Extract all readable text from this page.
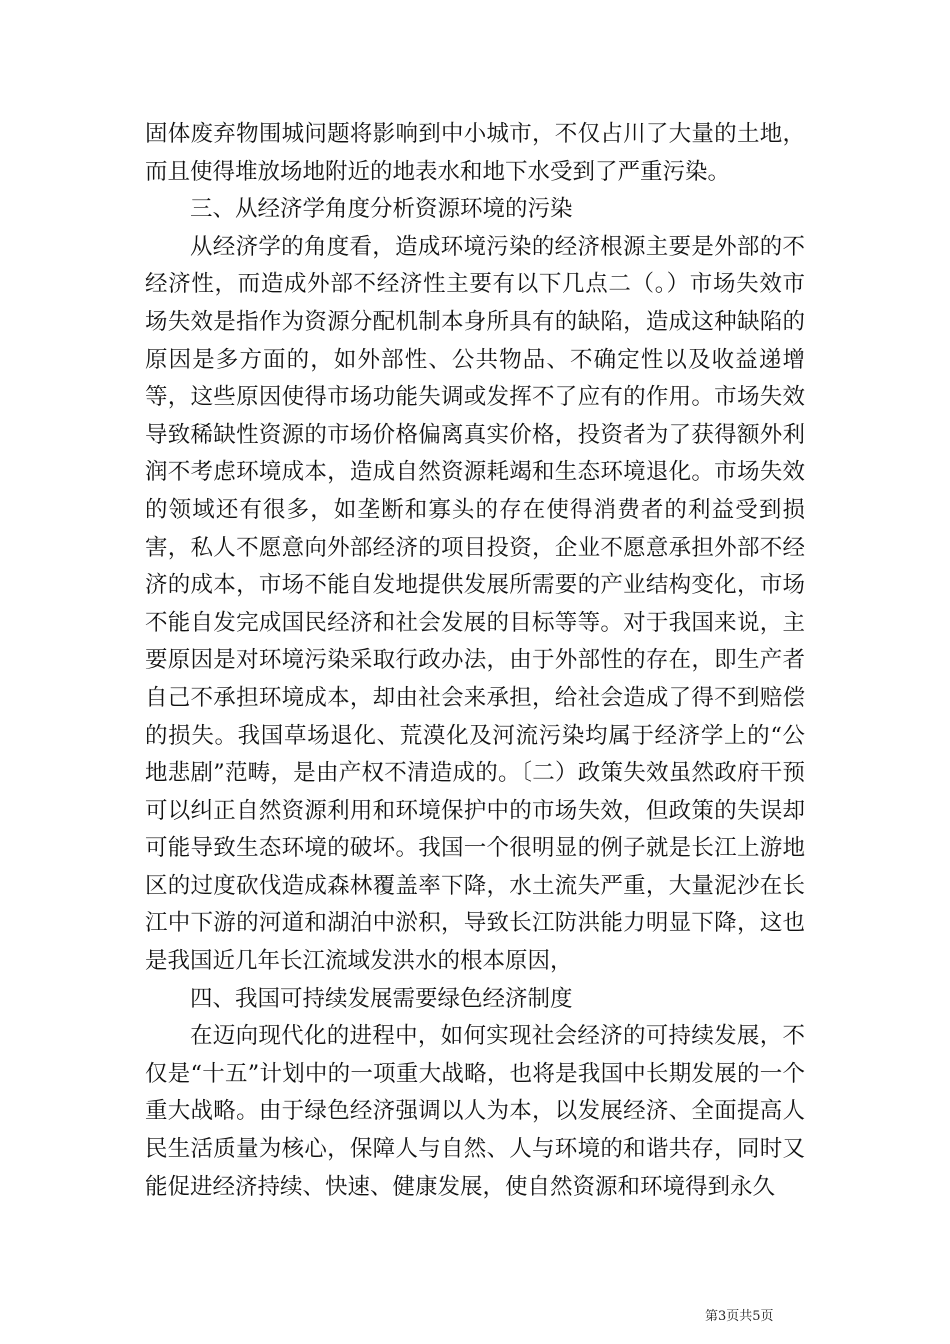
固体废弃物围城问题将影响到中小城市，不仅占川了大量的土地，而且使得堆放场地附近的地表水和地下水受到了严重污染。

三、从经济学角度分析资源环境的污染

从经济学的角度看，造成环境污染的经济根源主要是外部的不经济性，而造成外部不经济性主要有以下几点二（。）市场失效市场失效是指作为资源分配机制本身所具有的缺陷，造成这种缺陷的原因是多方面的，如外部性、公共物品、不确定性以及收益递增等，这些原因使得市场功能失调或发挥不了应有的作用。市场失效导致稀缺性资源的市场价格偏离真实价格，投资者为了获得额外利润不考虑环境成本，造成自然资源耗竭和生态环境退化。市场失效的领域还有很多，如垄断和寡头的存在使得消费者的利益受到损害，私人不愿意向外部经济的项目投资，企业不愿意承担外部不经济的成本，市场不能自发地提供发展所需要的产业结构变化，市场不能自发完成国民经济和社会发展的目标等等。对于我国来说，主要原因是对环境污染采取行政办法，由于外部性的存在，即生产者自己不承担环境成本，却由社会来承担，给社会造成了得不到赔偿的损失。我国草场退化、荒漠化及河流污染均属于经济学上的“公地悲剧”范畴，是由产权不清造成的。〔二）政策失效虽然政府干预可以纠正自然资源利用和环境保护中的市场失效，但政策的失误却可能导致生态环境的破坏。我国一个很明显的例子就是长江上游地区的过度砍伐造成森林覆盖率下降，水土流失严重，大量泥沙在长江中下游的河道和湖泊中淤积，导致长江防洪能力明显下降，这也是我国近几年长江流域发洪水的根本原因，

四、我国可持续发展需要绿色经济制度

在迈向现代化的进程中，如何实现社会经济的可持续发展，不仅是“十五”计划中的一项重大战略，也将是我国中长期发展的一个重大战略。由于绿色经济强调以人为本，以发展经济、全面提高人民生活质量为核心，保障人与自然、人与环境的和谐共存，同时又能促进经济持续、快速、健康发展，使自然资源和环境得到永久

第3页共5页
